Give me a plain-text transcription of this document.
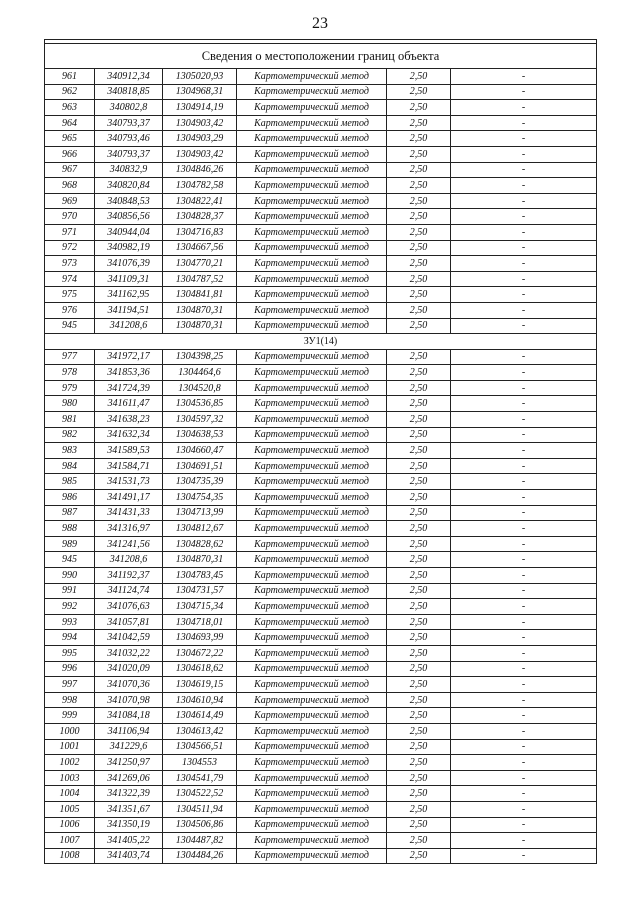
23

Сведения о местоположении границ объекта					
961	340912,34	1305020,93	Картометрический метод	2,50	-
962	340818,85	1304968,31	Картометрический метод	2,50	-
963	340802,8	1304914,19	Картометрический метод	2,50	-
964	340793,37	1304903,42	Картометрический метод	2,50	-
965	340793,46	1304903,29	Картометрический метод	2,50	-
966	340793,37	1304903,42	Картометрический метод	2,50	-
967	340832,9	1304846,26	Картометрический метод	2,50	-
968	340820,84	1304782,58	Картометрический метод	2,50	-
969	340848,53	1304822,41	Картометрический метод	2,50	-
970	340856,56	1304828,37	Картометрический метод	2,50	-
971	340944,04	1304716,83	Картометрический метод	2,50	-
972	340982,19	1304667,56	Картометрический метод	2,50	-
973	341076,39	1304770,21	Картометрический метод	2,50	-
974	341109,31	1304787,52	Картометрический метод	2,50	-
975	341162,95	1304841,81	Картометрический метод	2,50	-
976	341194,51	1304870,31	Картометрический метод	2,50	-
945	341208,6	1304870,31	Картометрический метод	2,50	-
ЗУ1(14)					
977	341972,17	1304398,25	Картометрический метод	2,50	-
978	341853,36	1304464,6	Картометрический метод	2,50	-
979	341724,39	1304520,8	Картометрический метод	2,50	-
980	341611,47	1304536,85	Картометрический метод	2,50	-
981	341638,23	1304597,32	Картометрический метод	2,50	-
982	341632,34	1304638,53	Картометрический метод	2,50	-
983	341589,53	1304660,47	Картометрический метод	2,50	-
984	341584,71	1304691,51	Картометрический метод	2,50	-
985	341531,73	1304735,39	Картометрический метод	2,50	-
986	341491,17	1304754,35	Картометрический метод	2,50	-
987	341431,33	1304713,99	Картометрический метод	2,50	-
988	341316,97	1304812,67	Картометрический метод	2,50	-
989	341241,56	1304828,62	Картометрический метод	2,50	-
945	341208,6	1304870,31	Картометрический метод	2,50	-
990	341192,37	1304783,45	Картометрический метод	2,50	-
991	341124,74	1304731,57	Картометрический метод	2,50	-
992	341076,63	1304715,34	Картометрический метод	2,50	-
993	341057,81	1304718,01	Картометрический метод	2,50	-
994	341042,59	1304693,99	Картометрический метод	2,50	-
995	341032,22	1304672,22	Картометрический метод	2,50	-
996	341020,09	1304618,62	Картометрический метод	2,50	-
997	341070,36	1304619,15	Картометрический метод	2,50	-
998	341070,98	1304610,94	Картометрический метод	2,50	-
999	341084,18	1304614,49	Картометрический метод	2,50	-
1000	341106,94	1304613,42	Картометрический метод	2,50	-
1001	341229,6	1304566,51	Картометрический метод	2,50	-
1002	341250,97	1304553	Картометрический метод	2,50	-
1003	341269,06	1304541,79	Картометрический метод	2,50	-
1004	341322,39	1304522,52	Картометрический метод	2,50	-
1005	341351,67	1304511,94	Картометрический метод	2,50	-
1006	341350,19	1304506,86	Картометрический метод	2,50	-
1007	341405,22	1304487,82	Картометрический метод	2,50	-
1008	341403,74	1304484,26	Картометрический метод	2,50	-
